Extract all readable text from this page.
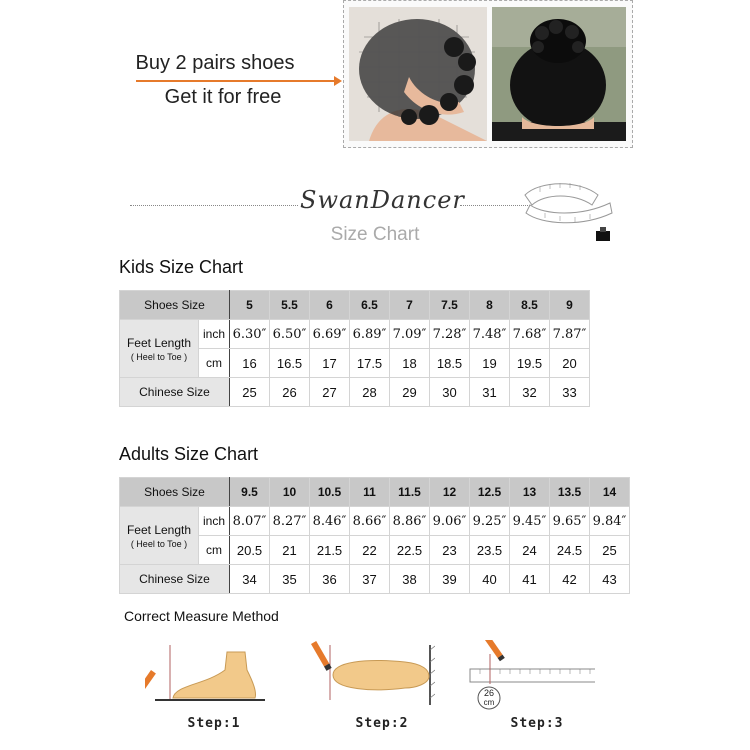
Buy 2 pairs shoes
Get it for free
SwanDancer
Size Chart
Kids Size Chart
Shoes Size		5	5.5	6	6.5	7	7.5	8	8.5	9

Feet Length
( Heel to Toe )	inch	6.30″	6.50″	6.69″	6.89″	7.09″	7.28″	7.48″	7.68″	7.87″
	cm	16	16.5	17	17.5	18	18.5	19	19.5	20
Chinese Size		25	26	27	28	29	30	31	32	33
Adults Size Chart
Shoes Size		9.5	10	10.5	11	11.5	12	12.5	13	13.5	14

Feet Length
( Heel to Toe )	inch	8.07″	8.27″	8.46″	8.66″	8.86″	9.06″	9.25″	9.45″	9.65″	9.84″
	cm	20.5	21	21.5	22	22.5	23	23.5	24	24.5	25
Chinese Size		34	35	36	37	38	39	40	41	42	43
Correct Measure Method
26
cm
Step:1	Step:2	Step:3
